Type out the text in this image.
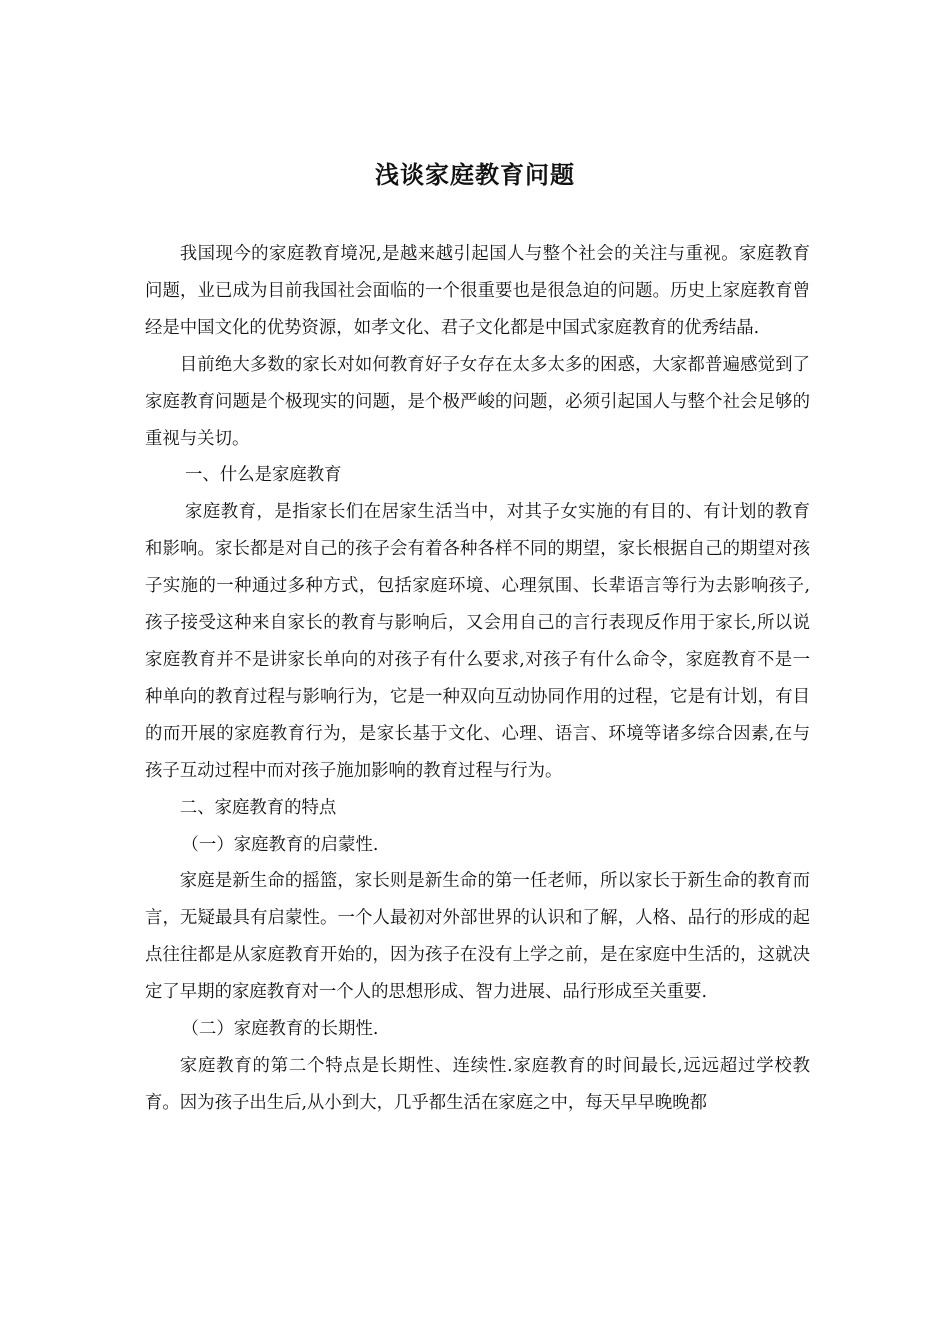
浅谈家庭教育问题

我国现今的家庭教育境况,是越来越引起国人与整个社会的关注与重视。家庭教育问题，业已成为目前我国社会面临的一个很重要也是很急迫的问题。历史上家庭教育曾经是中国文化的优势资源，如孝文化、君子文化都是中国式家庭教育的优秀结晶.

目前绝大多数的家长对如何教育好子女存在太多太多的困惑，大家都普遍感觉到了家庭教育问题是个极现实的问题，是个极严峻的问题，必须引起国人与整个社会足够的重视与关切。

一、什么是家庭教育

家庭教育，是指家长们在居家生活当中，对其子女实施的有目的、有计划的教育和影响。家长都是对自己的孩子会有着各种各样不同的期望，家长根据自己的期望对孩子实施的一种通过多种方式，包括家庭环境、心理氛围、长辈语言等行为去影响孩子,孩子接受这种来自家长的教育与影响后，又会用自己的言行表现反作用于家长,所以说家庭教育并不是讲家长单向的对孩子有什么要求,对孩子有什么命令，家庭教育不是一种单向的教育过程与影响行为，它是一种双向互动协同作用的过程，它是有计划，有目的而开展的家庭教育行为，是家长基于文化、心理、语言、环境等诸多综合因素,在与孩子互动过程中而对孩子施加影响的教育过程与行为。

二、家庭教育的特点

（一）家庭教育的启蒙性.

家庭是新生命的摇篮，家长则是新生命的第一任老师，所以家长于新生命的教育而言，无疑最具有启蒙性。一个人最初对外部世界的认识和了解，人格、品行的形成的起点往往都是从家庭教育开始的，因为孩子在没有上学之前，是在家庭中生活的，这就决定了早期的家庭教育对一个人的思想形成、智力进展、品行形成至关重要.

（二）家庭教育的长期性.

家庭教育的第二个特点是长期性、连续性.家庭教育的时间最长,远远超过学校教育。因为孩子出生后,从小到大，几乎都生活在家庭之中，每天早早晚晚都
